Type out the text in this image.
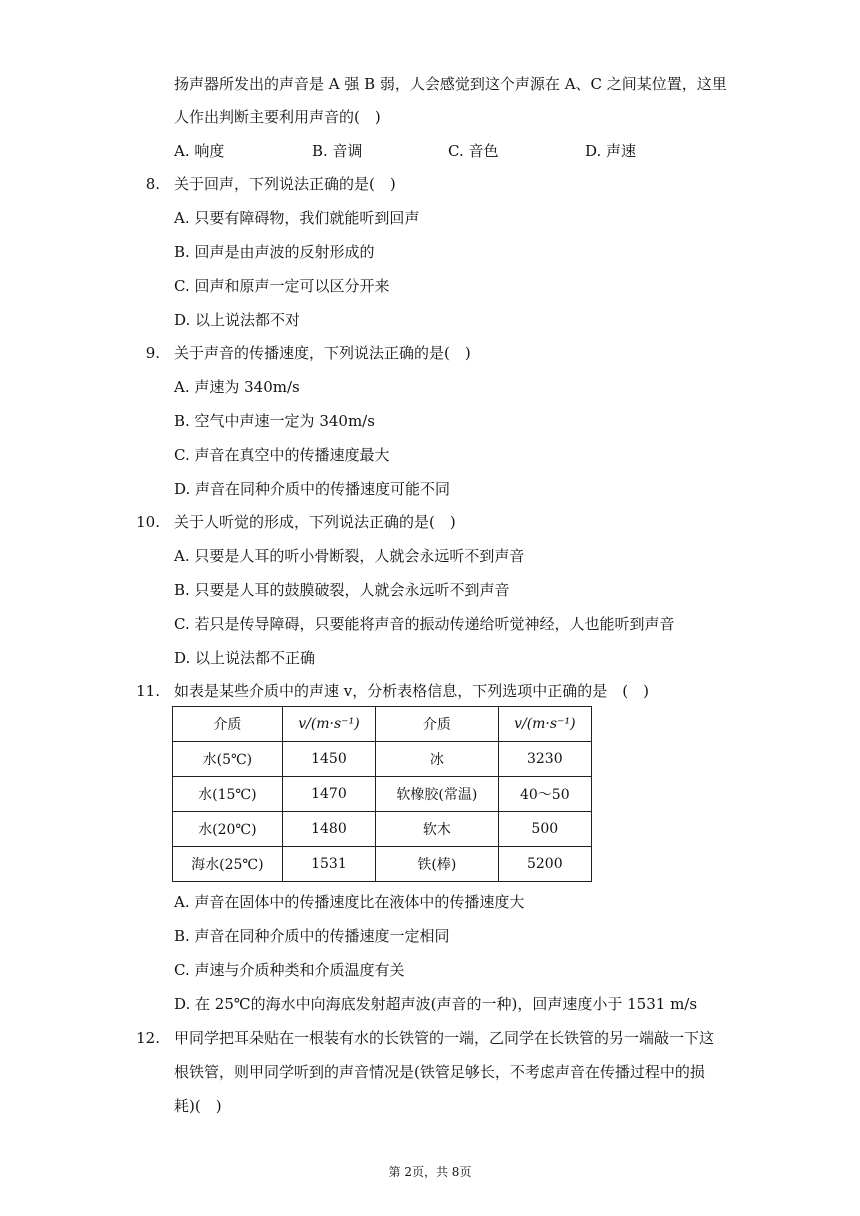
扬声器所发出的声音是 A 强 B 弱，人会感觉到这个声源在 A、C 之间某位置，这里
人作出判断主要利用声音的(　)
A. 响度	B. 音调	C. 音色	D. 声速
8. 关于回声，下列说法正确的是(　)
A. 只要有障碍物，我们就能听到回声
B. 回声是由声波的反射形成的
C. 回声和原声一定可以区分开来
D. 以上说法都不对
9. 关于声音的传播速度，下列说法正确的是(　)
A. 声速为 340m/s
B. 空气中声速一定为 340m/s
C. 声音在真空中的传播速度最大
D. 声音在同种介质中的传播速度可能不同
10. 关于人听觉的形成，下列说法正确的是(　)
A. 只要是人耳的听小骨断裂，人就会永远听不到声音
B. 只要是人耳的鼓膜破裂，人就会永远听不到声音
C. 若只是传导障碍，只要能将声音的振动传递给听觉神经，人也能听到声音
D. 以上说法都不正确
11. 如表是某些介质中的声速 v，分析表格信息，下列选项中正确的是　(　)
介质	v/(m·s⁻¹)	介质	v/(m·s⁻¹)
水(5℃)	1450	冰	3230
水(15℃)	1470	软橡胶(常温)	40～50
水(20℃)	1480	软木	500
海水(25℃)	1531	铁(棒)	5200
A. 声音在固体中的传播速度比在液体中的传播速度大
B. 声音在同种介质中的传播速度一定相同
C. 声速与介质种类和介质温度有关
D. 在 25℃的海水中向海底发射超声波(声音的一种)，回声速度小于 1531 m/s
12. 甲同学把耳朵贴在一根装有水的长铁管的一端，乙同学在长铁管的另一端敲一下这
根铁管，则甲同学听到的声音情况是(铁管足够长，不考虑声音在传播过程中的损
耗)(　)
第 2页，共 8页
